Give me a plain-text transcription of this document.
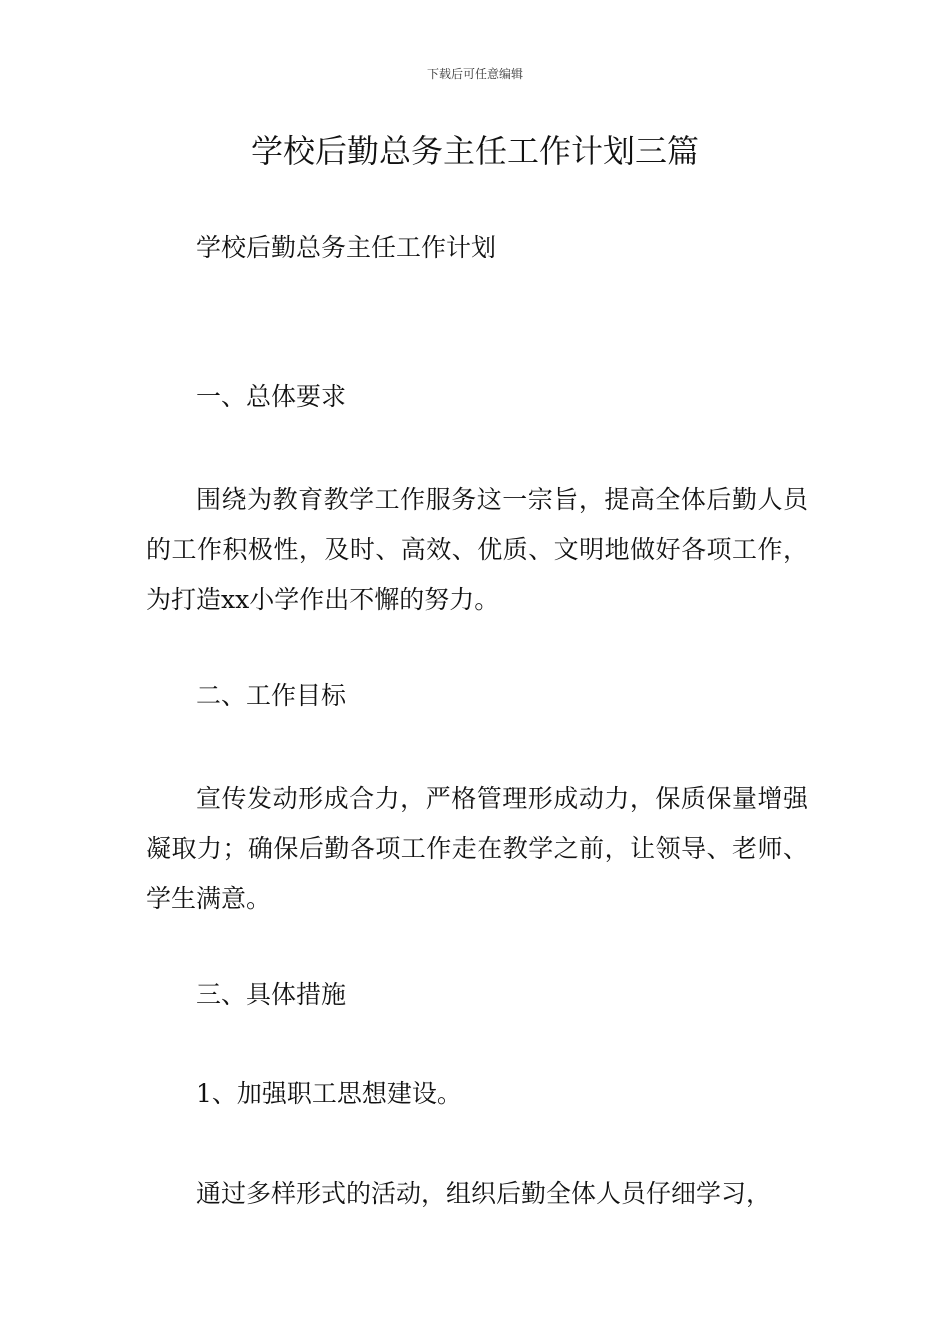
下载后可任意编辑
学校后勤总务主任工作计划三篇

学校后勤总务主任工作计划

一、总体要求

围绕为教育教学工作服务这一宗旨，提高全体后勤人员的工作积极性，及时、高效、优质、文明地做好各项工作，为打造xx小学作出不懈的努力。

二、工作目标

宣传发动形成合力，严格管理形成动力，保质保量增强凝取力；确保后勤各项工作走在教学之前，让领导、老师、学生满意。

三、具体措施

1、加强职工思想建设。

通过多样形式的活动，组织后勤全体人员仔细学习，
